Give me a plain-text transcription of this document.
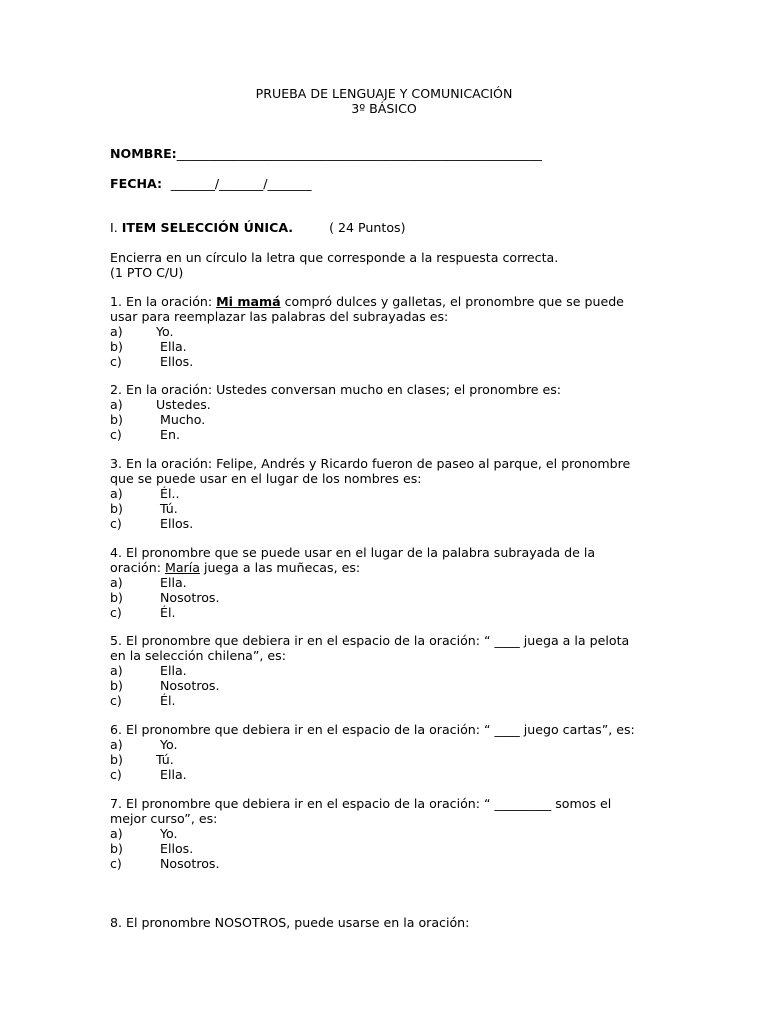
PRUEBA DE LENGUAJE Y COMUNICACIÓN
3º BÁSICO
NOMBRE:__________________________________________________________
FECHA: _______/_______/_______
I. ITEM SELECCIÓN ÚNICA.	( 24 Puntos)
Encierra en un círculo la letra que corresponde a la respuesta correcta.
(1 PTO C/U)
1. En la oración: Mi mamá compró dulces y galletas, el pronombre que se puede
usar para reemplazar las palabras del subrayadas es:
a)	Yo.
b)	Ella.
c)	Ellos.
2. En la oración: Ustedes conversan mucho en clases; el pronombre es:
a)	Ustedes.
b)	Mucho.
c)	En.
3. En la oración: Felipe, Andrés y Ricardo fueron de paseo al parque, el pronombre
que se puede usar en el lugar de los nombres es:
a)	Él..
b)	Tú.
c)	Ellos.
4. El pronombre que se puede usar en el lugar de la palabra subrayada de la
oración: María juega a las muñecas, es:
a)	Ella.
b)	Nosotros.
c)	Él.
5. El pronombre que debiera ir en el espacio de la oración: “ ____ juega a la pelota
en la selección chilena”, es:
a)	Ella.
b)	Nosotros.
c)	Él.
6. El pronombre que debiera ir en el espacio de la oración: “ ____ juego cartas”, es:
a)	Yo.
b)	Tú.
c)	Ella.
7. El pronombre que debiera ir en el espacio de la oración: “ _________ somos el
mejor curso”, es:
a)	Yo.
b)	Ellos.
c)	Nosotros.
8. El pronombre NOSOTROS, puede usarse en la oración:
